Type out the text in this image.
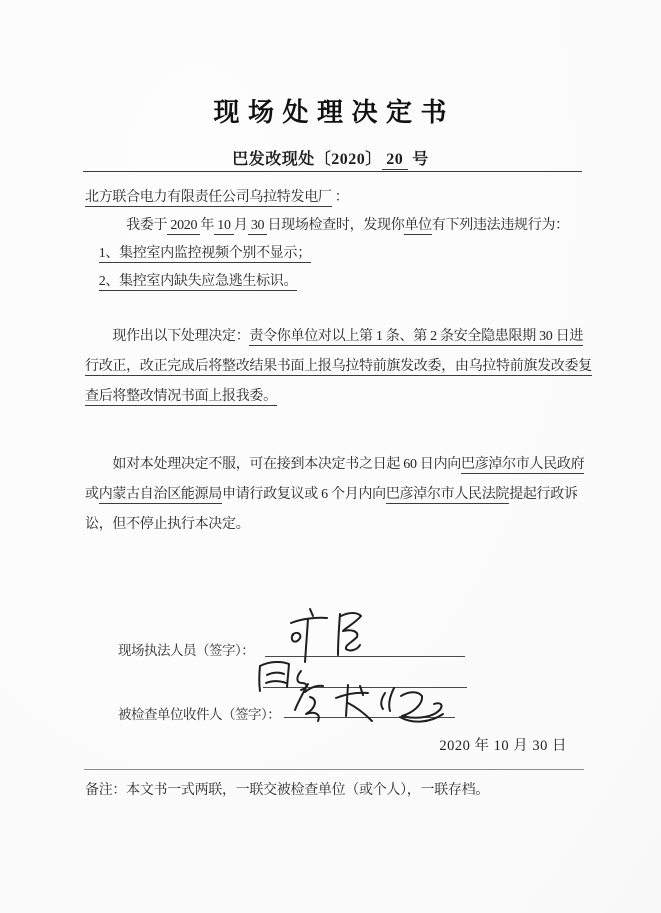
现 场 处 理 决 定 书
巴发改现处〔2020〕 20  号
北方联合电力有限责任公司乌拉特发电厂 ：
　　　我委于 2020 年 10 月 30 日现场检查时，发现你单位有下列违法违规行为：
　1、集控室内监控视频个别不显示；
　2、集控室内缺失应急逃生标识。
　　现作出以下处理决定：责令你单位对以上第 1 条、第 2 条安全隐患限期 30 日进
行改正，改正完成后将整改结果书面上报乌拉特前旗发改委，由乌拉特前旗发改委复
查后将整改情况书面上报我委。
　　如对本处理决定不服，可在接到本决定书之日起 60 日内向巴彦淖尔市人民政府
或内蒙古自治区能源局申请行政复议或 6 个月内向巴彦淖尔市人民法院提起行政诉
讼，但不停止执行本决定。
现场执法人员（签字）：
被检查单位收件人（签字）：
2020 年 10 月 30 日
备注：本文书一式两联，一联交被检查单位（或个人），一联存档。
